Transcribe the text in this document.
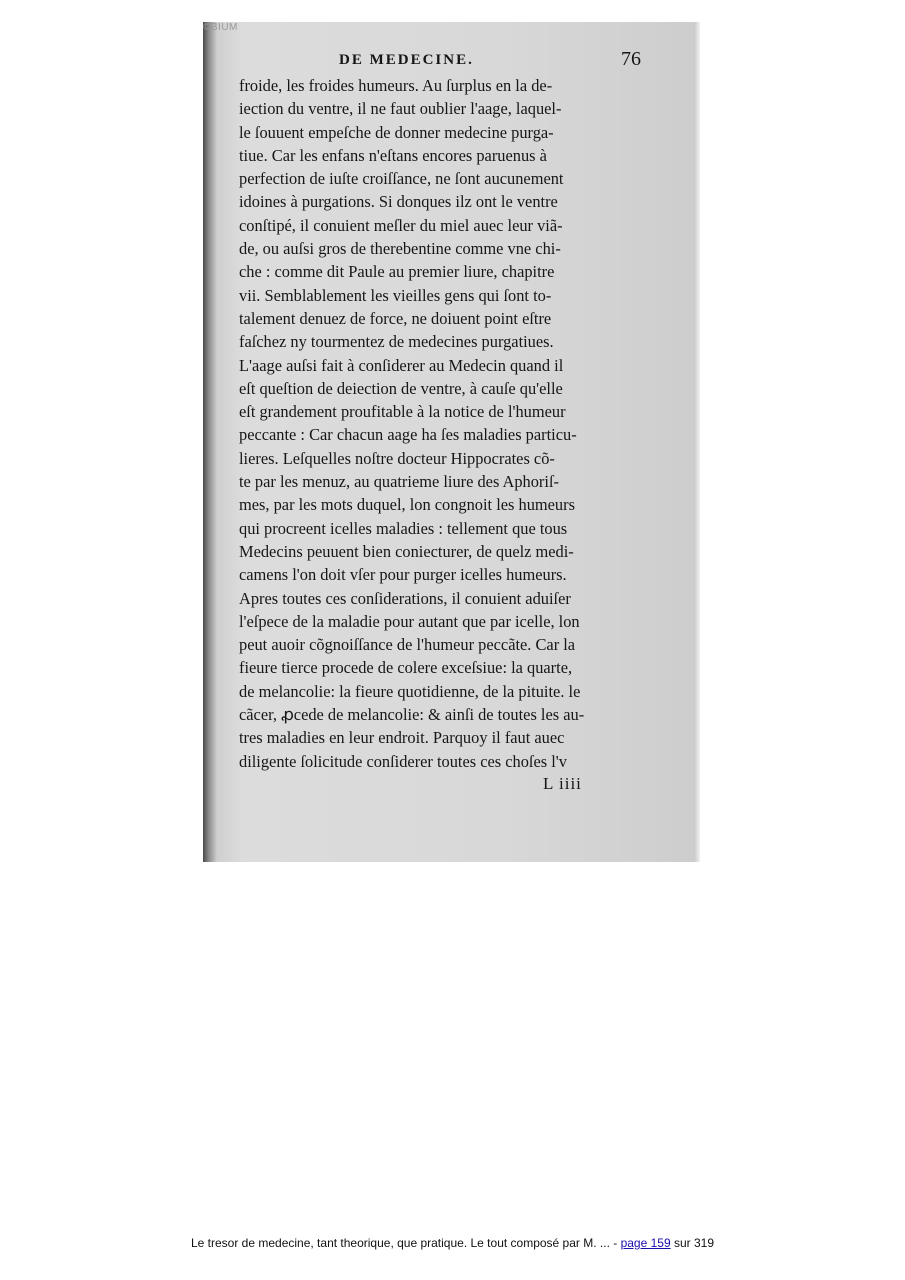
©BIUM
DE MEDECINE.	76
froide, les froides humeurs. Au ſurplus en la de-
iection du ventre, il ne faut oublier l'aage, laquel-
le ſouuent empeſche de donner medecine purga-
tiue. Car les enfans n'eſtans encores paruenus à
perfection de iuſte croiſſance, ne ſont aucunement
idoines à purgations. Si donques ilz ont le ventre
conſtipé, il conuient meſler du miel auec leur viã-
de, ou auſsi gros de therebentine comme vne chi-
che : comme dit Paule au premier liure, chapitre
vii. Semblablement les vieilles gens qui ſont to-
talement denuez de force, ne doiuent point eſtre
faſchez ny tourmentez de medecines purgatiues.
L'aage auſsi fait à conſiderer au Medecin quand il
eſt queſtion de deiection de ventre, à cauſe qu'elle
eſt grandement proufitable à la notice de l'humeur
peccante : Car chacun aage ha ſes maladies particu-
lieres. Leſquelles noſtre docteur Hippocrates cõ-
te par les menuz, au quatrieme liure des Aphoriſ-
mes, par les mots duquel, lon congnoit les humeurs
qui procreent icelles maladies : tellement que tous
Medecins peuuent bien coniecturer, de quelz medi-
camens l'on doit vſer pour purger icelles humeurs.
Apres toutes ces conſiderations, il conuient aduiſer
l'eſpece de la maladie pour autant que par icelle, lon
peut auoir cõgnoiſſance de l'humeur peccãte. Car la
fieure tierce procede de colere exceſsiue: la quarte,
de melancolie: la fieure quotidienne, de la pituite. le
cãcer, ꝓcede de melancolie: & ainſi de toutes les au-
tres maladies en leur endroit. Parquoy il faut auec
diligente ſolicitude conſiderer toutes ces choſes l'v
L iiii
Le tresor de medecine, tant theorique, que pratique. Le tout composé par M. ... - page 159 sur 319
